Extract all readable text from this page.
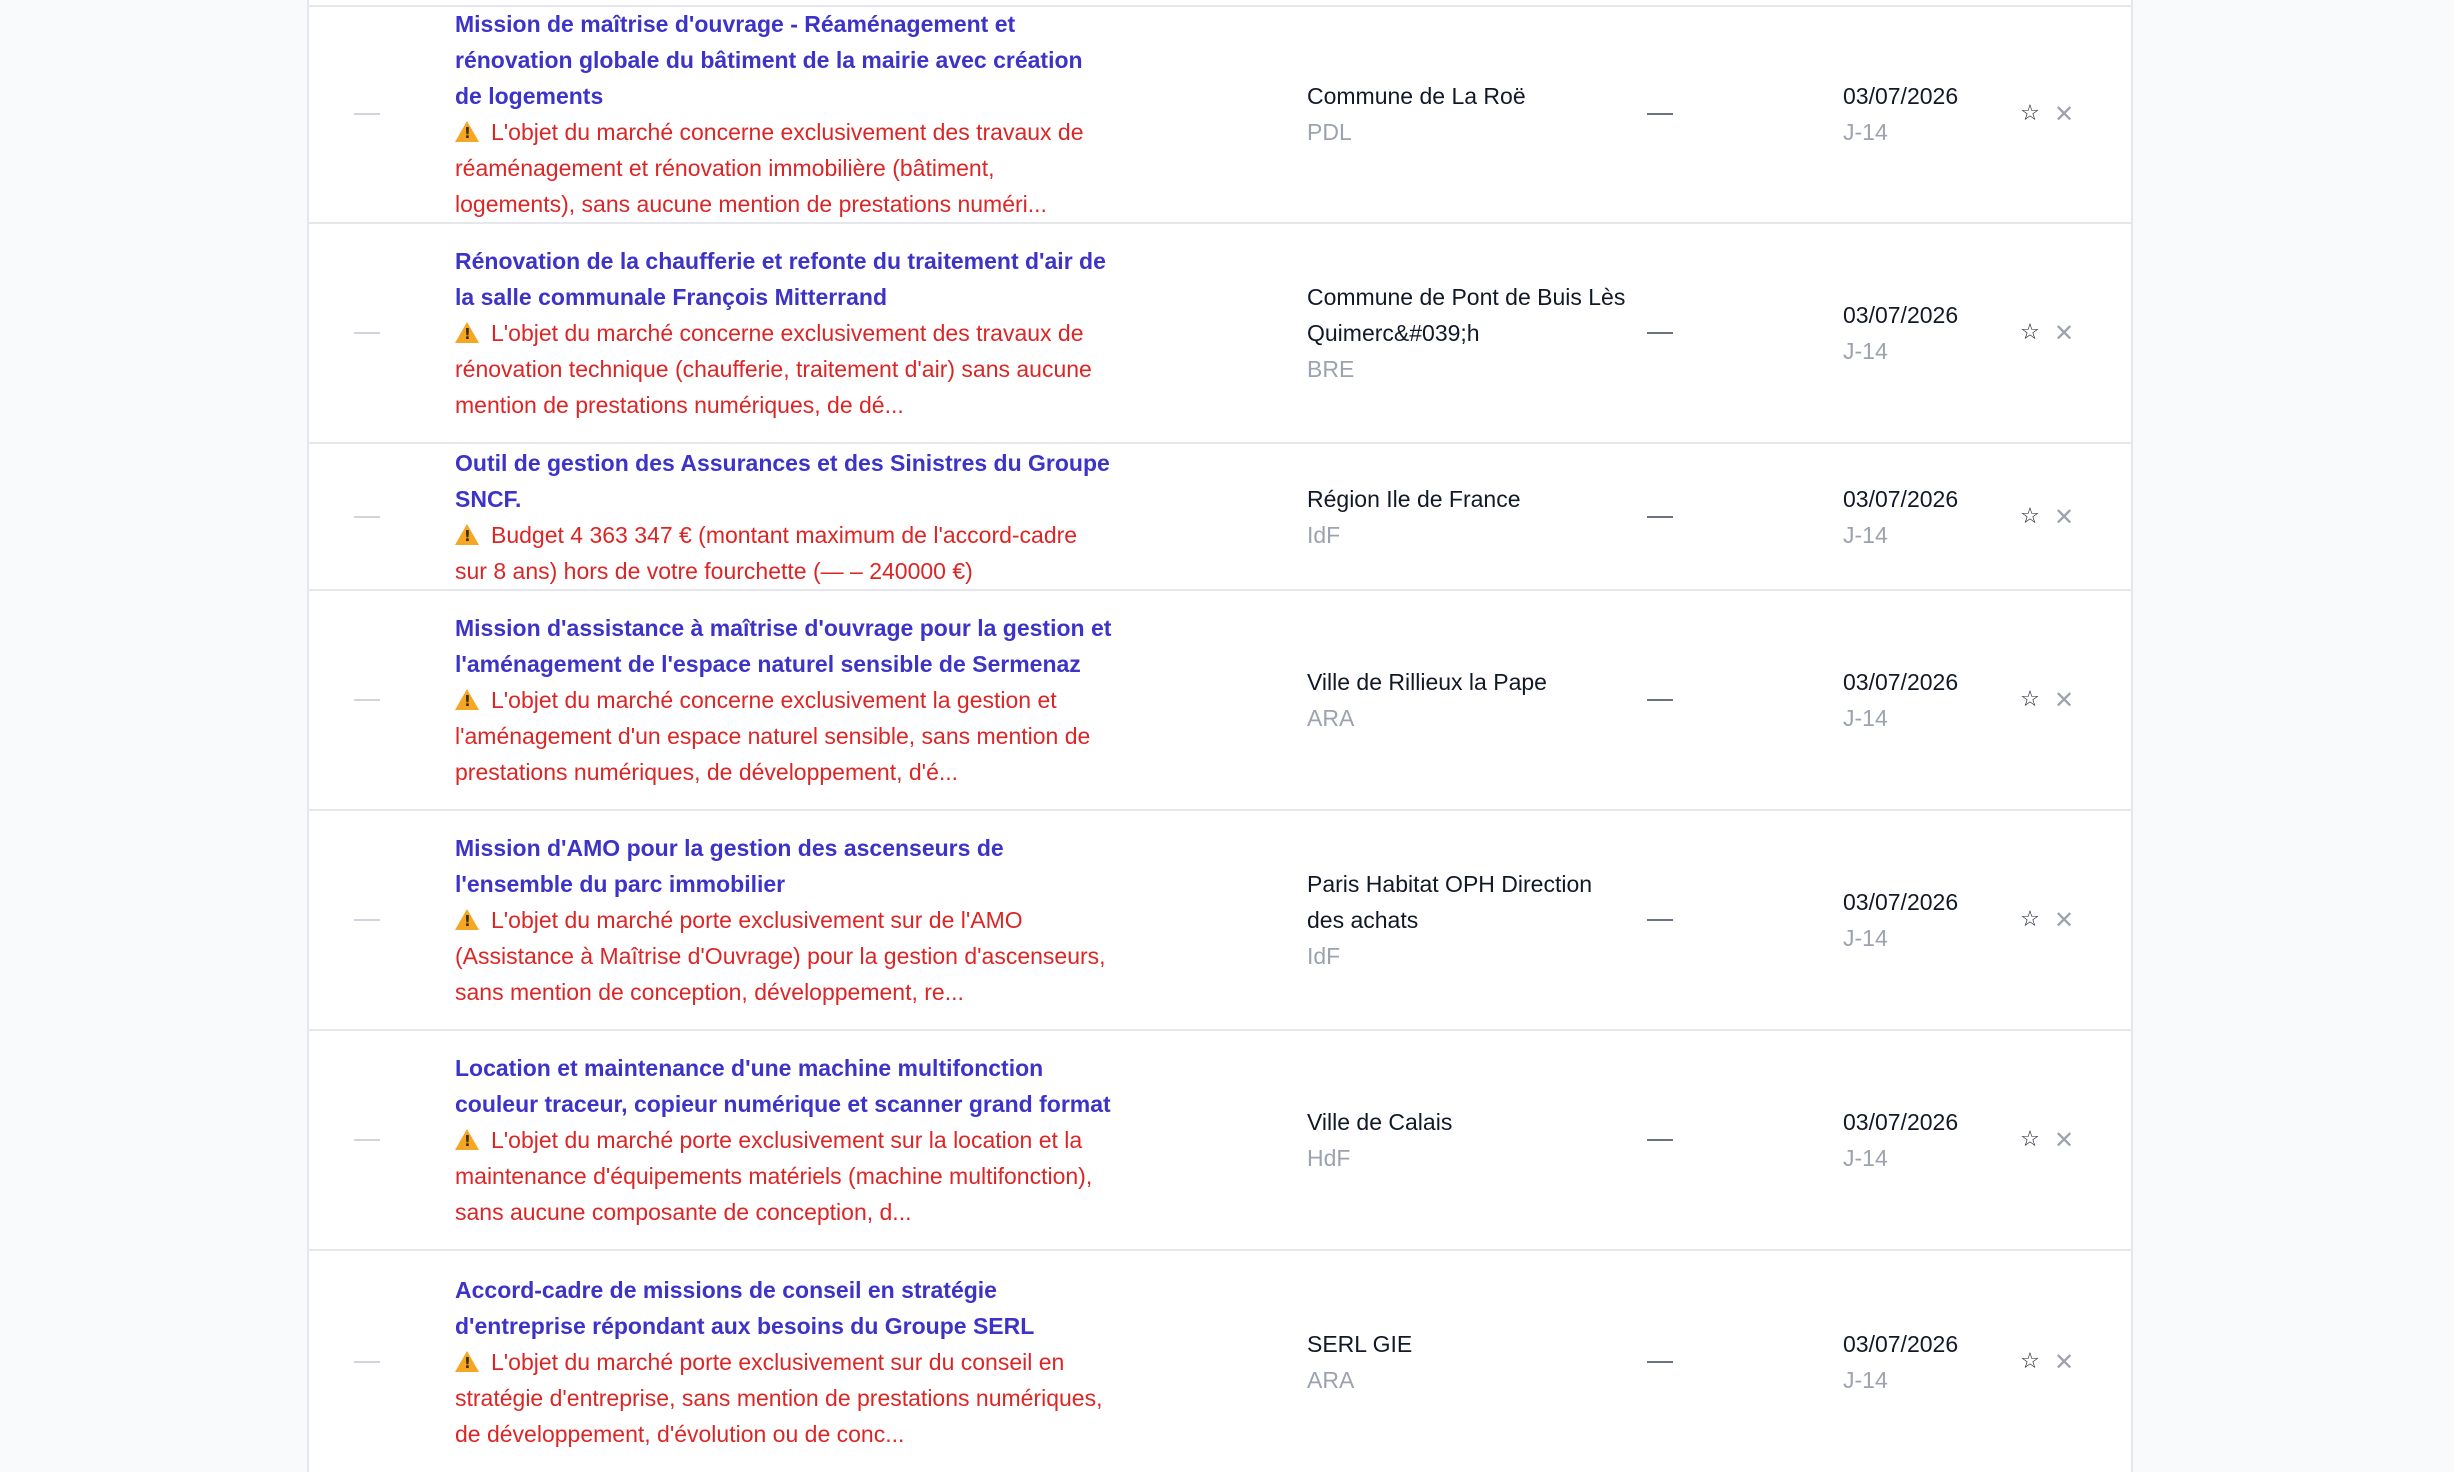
Mission de maîtrise d'ouvrage - Réaménagement et rénovation globale du bâtiment de la mairie avec création de logements
!L'objet du marché concerne exclusivement des travaux de réaménagement et rénovation immobilière (bâtiment, logements), sans aucune mention de prestations numéri...
Commune de La Roë
PDL
03/07/2026
J-14
☆ ✕
Rénovation de la chaufferie et refonte du traitement d'air de la salle communale François Mitterrand
!L'objet du marché concerne exclusivement des travaux de rénovation technique (chaufferie, traitement d'air) sans aucune mention de prestations numériques, de dé...
Commune de Pont de Buis Lès Quimerc&#039;h
BRE
03/07/2026
J-14
☆ ✕
Outil de gestion des Assurances et des Sinistres du Groupe SNCF.
!Budget 4 363 347 € (montant maximum de l'accord-cadre sur 8 ans) hors de votre fourchette (— – 240000 €)
Région Ile de France
IdF
03/07/2026
J-14
☆ ✕
Mission d'assistance à maîtrise d'ouvrage pour la gestion et l'aménagement de l'espace naturel sensible de Sermenaz
!L'objet du marché concerne exclusivement la gestion et l'aménagement d'un espace naturel sensible, sans mention de prestations numériques, de développement, d'é...
Ville de Rillieux la Pape
ARA
03/07/2026
J-14
☆ ✕
Mission d'AMO pour la gestion des ascenseurs de l'ensemble du parc immobilier
!L'objet du marché porte exclusivement sur de l'AMO (Assistance à Maîtrise d'Ouvrage) pour la gestion d'ascenseurs, sans mention de conception, développement, re...
Paris Habitat OPH Direction des achats
IdF
03/07/2026
J-14
☆ ✕
Location et maintenance d'une machine multifonction couleur traceur, copieur numérique et scanner grand format
!L'objet du marché porte exclusivement sur la location et la maintenance d'équipements matériels (machine multifonction), sans aucune composante de conception, d...
Ville de Calais
HdF
03/07/2026
J-14
☆ ✕
Accord-cadre de missions de conseil en stratégie d'entreprise répondant aux besoins du Groupe SERL
!L'objet du marché porte exclusivement sur du conseil en stratégie d'entreprise, sans mention de prestations numériques, de développement, d'évolution ou de conc...
SERL GIE
ARA
03/07/2026
J-14
☆ ✕
